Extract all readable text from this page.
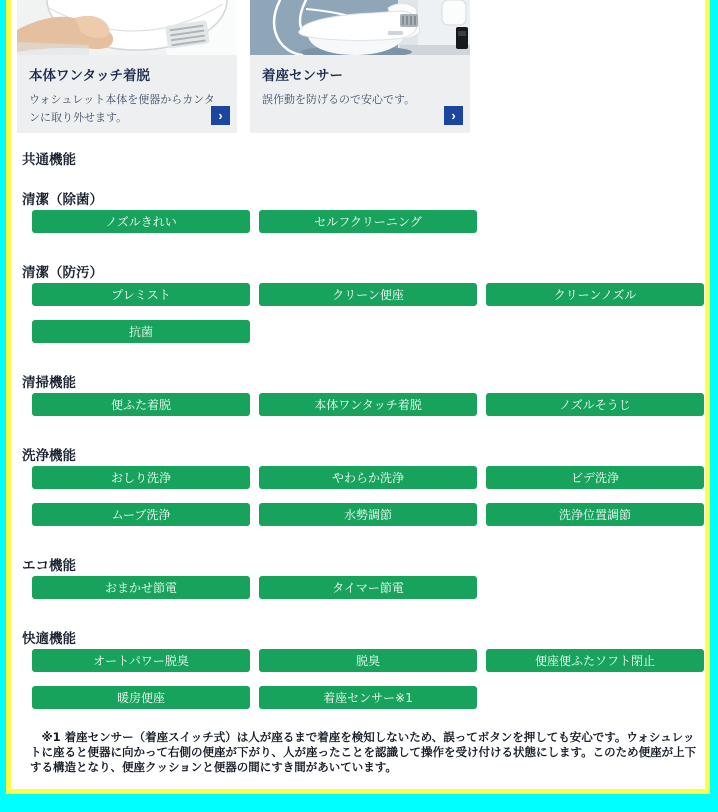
本体ワンタッチ着脱

ウォシュレット本体を便器からカンタンに取り外せます。	›
着座センサー

誤作動を防げるので安心です。

›
共通機能
清潔（除菌）
ノズルきれい	セルフクリーニング
清潔（防汚）
プレミスト	クリーン便座	クリーンノズル
抗菌
清掃機能
便ふた着脱	本体ワンタッチ着脱	ノズルそうじ
洗浄機能
おしり洗浄	やわらか洗浄	ビデ洗浄
ムーブ洗浄	水勢調節	洗浄位置調節
エコ機能
おまかせ節電	タイマー節電
快適機能
オートパワー脱臭	脱臭	便座便ふたソフト閉止
暖房便座	着座センサー※1

※1 着座センサー（着座スイッチ式）は人が座るまで着座を検知しないため、誤ってボタンを押しても安心です。ウォシュレットに座ると便器に向かって右側の便座が下がり、人が座ったことを認識して操作を受け付ける状態にします。このため便座が上下する構造となり、便座クッションと便器の間にすき間があいています。
